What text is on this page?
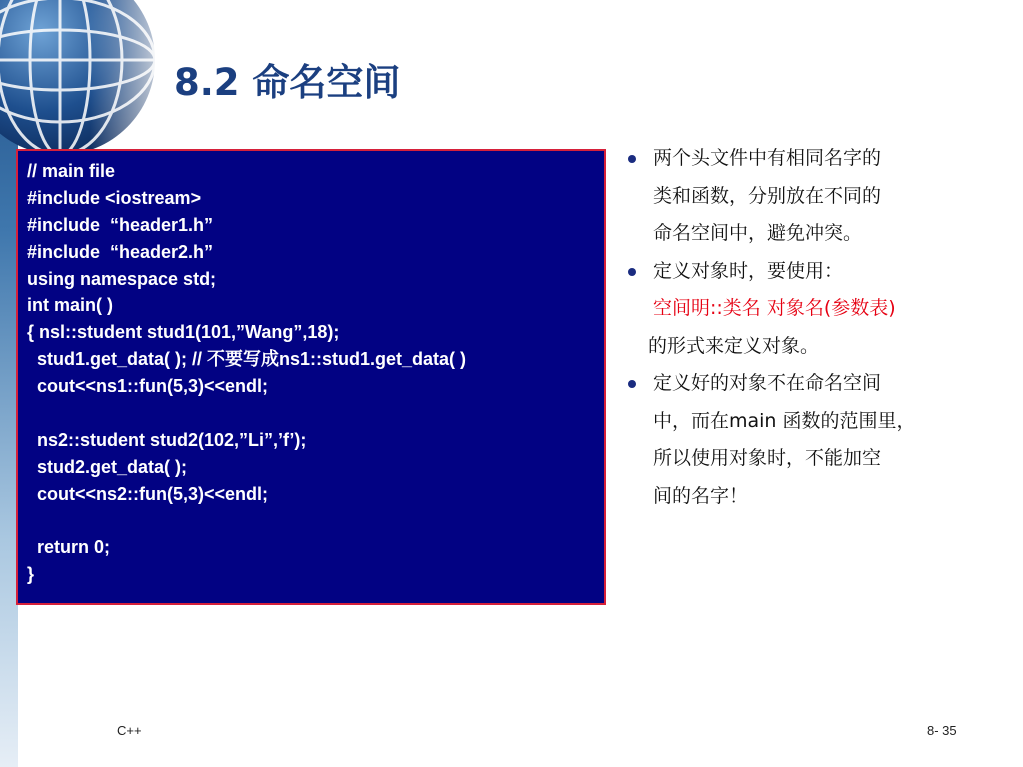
8.2 命名空间
// main file
#include <iostream>
#include  “header1.h”
#include  “header2.h”
using namespace std;
int main( )
{ nsl::student stud1(101,”Wang”,18);
stud1.get_data( ); // 不要写成ns1::stud1.get_data( )
cout<<ns1::fun(5,3)<<endl;
ns2::student stud2(102,”Li”,’f’);
stud2.get_data( );
cout<<ns2::fun(5,3)<<endl;
return 0;
}
两个头文件中有相同名字的
类和函数，分别放在不同的
命名空间中，避免冲突。
定义对象时，要使用：
空间明::类名 对象名(参数表)
的形式来定义对象。
定义好的对象不在命名空间
中，而在main 函数的范围里，
所以使用对象时，不能加空
间的名字！
C++	8- 35
